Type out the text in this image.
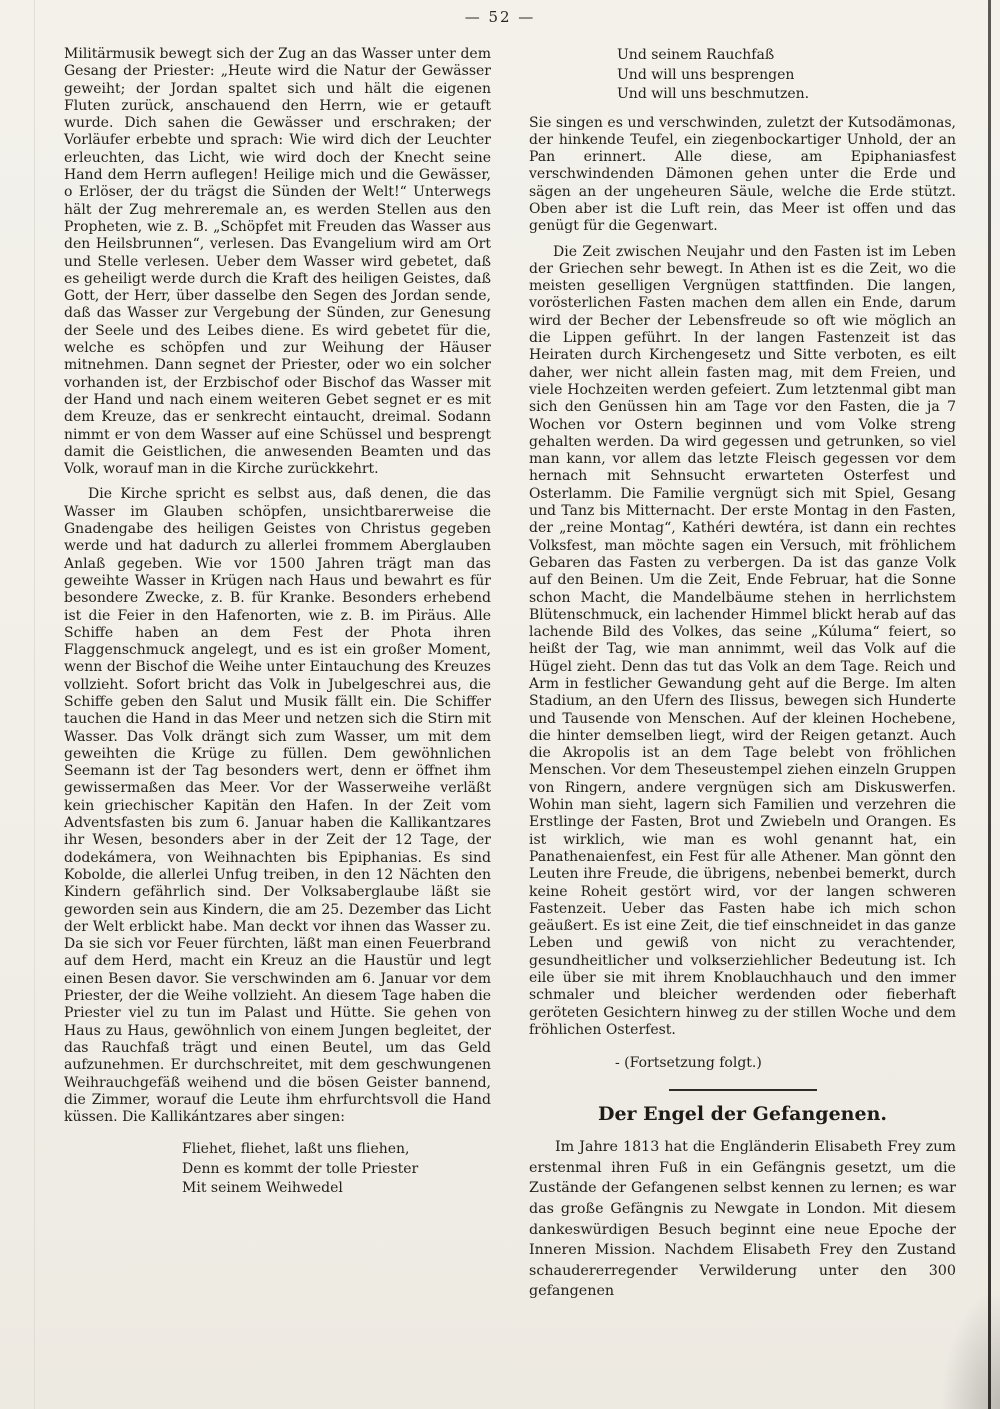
— 52 —

Militärmusik bewegt sich der Zug an das Wasser unter dem Gesang der Priester: „Heute wird die Natur der Gewässer geweiht; der Jordan spaltet sich und hält die eigenen Fluten zurück, anschauend den Herrn, wie er getauft wurde. Dich sahen die Gewässer und erschraken; der Vorläufer erbebte und sprach: Wie wird dich der Leuchter erleuchten, das Licht, wie wird doch der Knecht seine Hand dem Herrn auflegen! Heilige mich und die Gewässer, o Erlöser, der du trägst die Sünden der Welt!“ Unterwegs hält der Zug mehreremale an, es werden Stellen aus den Propheten, wie z. B. „Schöpfet mit Freuden das Wasser aus den Heilsbrunnen“, verlesen. Das Evangelium wird am Ort und Stelle verlesen. Ueber dem Wasser wird gebetet, daß es geheiligt werde durch die Kraft des heiligen Geistes, daß Gott, der Herr, über dasselbe den Segen des Jordan sende, daß das Wasser zur Vergebung der Sünden, zur Genesung der Seele und des Leibes diene. Es wird gebetet für die, welche es schöpfen und zur Weihung der Häuser mitnehmen. Dann segnet der Priester, oder wo ein solcher vorhanden ist, der Erzbischof oder Bischof das Wasser mit der Hand und nach einem weiteren Gebet segnet er es mit dem Kreuze, das er senkrecht eintaucht, dreimal. Sodann nimmt er von dem Wasser auf eine Schüssel und besprengt damit die Geistlichen, die anwesenden Beamten und das Volk, worauf man in die Kirche zurückkehrt.

Die Kirche spricht es selbst aus, daß denen, die das Wasser im Glauben schöpfen, unsichtbarerweise die Gnadengabe des heiligen Geistes von Christus gegeben werde und hat dadurch zu allerlei frommem Aberglauben Anlaß gegeben. Wie vor 1500 Jahren trägt man das geweihte Wasser in Krügen nach Haus und bewahrt es für besondere Zwecke, z. B. für Kranke. Besonders erhebend ist die Feier in den Hafenorten, wie z. B. im Piräus. Alle Schiffe haben an dem Fest der Phota ihren Flaggenschmuck angelegt, und es ist ein großer Moment, wenn der Bischof die Weihe unter Eintauchung des Kreuzes vollzieht. Sofort bricht das Volk in Jubelgeschrei aus, die Schiffe geben den Salut und Musik fällt ein. Die Schiffer tauchen die Hand in das Meer und netzen sich die Stirn mit Wasser. Das Volk drängt sich zum Wasser, um mit dem geweihten die Krüge zu füllen. Dem gewöhnlichen Seemann ist der Tag besonders wert, denn er öffnet ihm gewissermaßen das Meer. Vor der Wasserweihe verläßt kein griechischer Kapitän den Hafen. In der Zeit vom Adventsfasten bis zum 6. Januar haben die Kallikantzares ihr Wesen, besonders aber in der Zeit der 12 Tage, der dodekámera, von Weihnachten bis Epiphanias. Es sind Kobolde, die allerlei Unfug treiben, in den 12 Nächten den Kindern gefährlich sind. Der Volksaberglaube läßt sie geworden sein aus Kindern, die am 25. Dezember das Licht der Welt erblickt habe. Man deckt vor ihnen das Wasser zu. Da sie sich vor Feuer fürchten, läßt man einen Feuerbrand auf dem Herd, macht ein Kreuz an die Haustür und legt einen Besen davor. Sie verschwinden am 6. Januar vor dem Priester, der die Weihe vollzieht. An diesem Tage haben die Priester viel zu tun im Palast und Hütte. Sie gehen von Haus zu Haus, gewöhnlich von einem Jungen begleitet, der das Rauchfaß trägt und einen Beutel, um das Geld aufzunehmen. Er durchschreitet, mit dem geschwungenen Weihrauchgefäß weihend und die bösen Geister bannend, die Zimmer, worauf die Leute ihm ehrfurchtsvoll die Hand küssen. Die Kallikántzares aber singen:

Fliehet, fliehet, laßt uns fliehen,
Denn es kommt der tolle Priester
Mit seinem Weihwedel
Und seinem Rauchfaß
Und will uns besprengen
Und will uns beschmutzen.

Sie singen es und verschwinden, zuletzt der Kutsodämonas, der hinkende Teufel, ein ziegenbockartiger Unhold, der an Pan erinnert. Alle diese, am Epiphaniasfest verschwindenden Dämonen gehen unter die Erde und sägen an der ungeheuren Säule, welche die Erde stützt. Oben aber ist die Luft rein, das Meer ist offen und das genügt für die Gegenwart.

Die Zeit zwischen Neujahr und den Fasten ist im Leben der Griechen sehr bewegt. In Athen ist es die Zeit, wo die meisten geselligen Vergnügen stattfinden. Die langen, vorösterlichen Fasten machen dem allen ein Ende, darum wird der Becher der Lebensfreude so oft wie möglich an die Lippen geführt. In der langen Fastenzeit ist das Heiraten durch Kirchengesetz und Sitte verboten, es eilt daher, wer nicht allein fasten mag, mit dem Freien, und viele Hochzeiten werden gefeiert. Zum letztenmal gibt man sich den Genüssen hin am Tage vor den Fasten, die ja 7 Wochen vor Ostern beginnen und vom Volke streng gehalten werden. Da wird gegessen und getrunken, so viel man kann, vor allem das letzte Fleisch gegessen vor dem hernach mit Sehnsucht erwarteten Osterfest und Osterlamm. Die Familie vergnügt sich mit Spiel, Gesang und Tanz bis Mitternacht. Der erste Montag in den Fasten, der „reine Montag“, Kathéri dewtéra, ist dann ein rechtes Volksfest, man möchte sagen ein Versuch, mit fröhlichem Gebaren das Fasten zu verbergen. Da ist das ganze Volk auf den Beinen. Um die Zeit, Ende Februar, hat die Sonne schon Macht, die Mandelbäume stehen in herrlichstem Blütenschmuck, ein lachender Himmel blickt herab auf das lachende Bild des Volkes, das seine „Kúluma“ feiert, so heißt der Tag, wie man annimmt, weil das Volk auf die Hügel zieht. Denn das tut das Volk an dem Tage. Reich und Arm in festlicher Gewandung geht auf die Berge. Im alten Stadium, an den Ufern des Ilissus, bewegen sich Hunderte und Tausende von Menschen. Auf der kleinen Hochebene, die hinter demselben liegt, wird der Reigen getanzt. Auch die Akropolis ist an dem Tage belebt von fröhlichen Menschen. Vor dem Theseustempel ziehen einzeln Gruppen von Ringern, andere vergnügen sich am Diskuswerfen. Wohin man sieht, lagern sich Familien und verzehren die Erstlinge der Fasten, Brot und Zwiebeln und Orangen. Es ist wirklich, wie man es wohl genannt hat, ein Panathenaienfest, ein Fest für alle Athener. Man gönnt den Leuten ihre Freude, die übrigens, nebenbei bemerkt, durch keine Roheit gestört wird, vor der langen schweren Fastenzeit. Ueber das Fasten habe ich mich schon geäußert. Es ist eine Zeit, die tief einschneidet in das ganze Leben und gewiß von nicht zu verachtender, gesundheitlicher und volkserziehlicher Bedeutung ist. Ich eile über sie mit ihrem Knoblauchhauch und den immer schmaler und bleicher werdenden oder fieberhaft geröteten Gesichtern hinweg zu der stillen Woche und dem fröhlichen Osterfest.

- (Fortsetzung folgt.)
Der Engel der Gefangenen.

Im Jahre 1813 hat die Engländerin Elisabeth Frey zum erstenmal ihren Fuß in ein Gefängnis gesetzt, um die Zustände der Gefangenen selbst kennen zu lernen; es war das große Gefängnis zu Newgate in London. Mit diesem dankeswürdigen Besuch beginnt eine neue Epoche der Inneren Mission. Nachdem Elisabeth Frey den Zustand schaudererregender Verwilderung unter den 300 gefangenen
